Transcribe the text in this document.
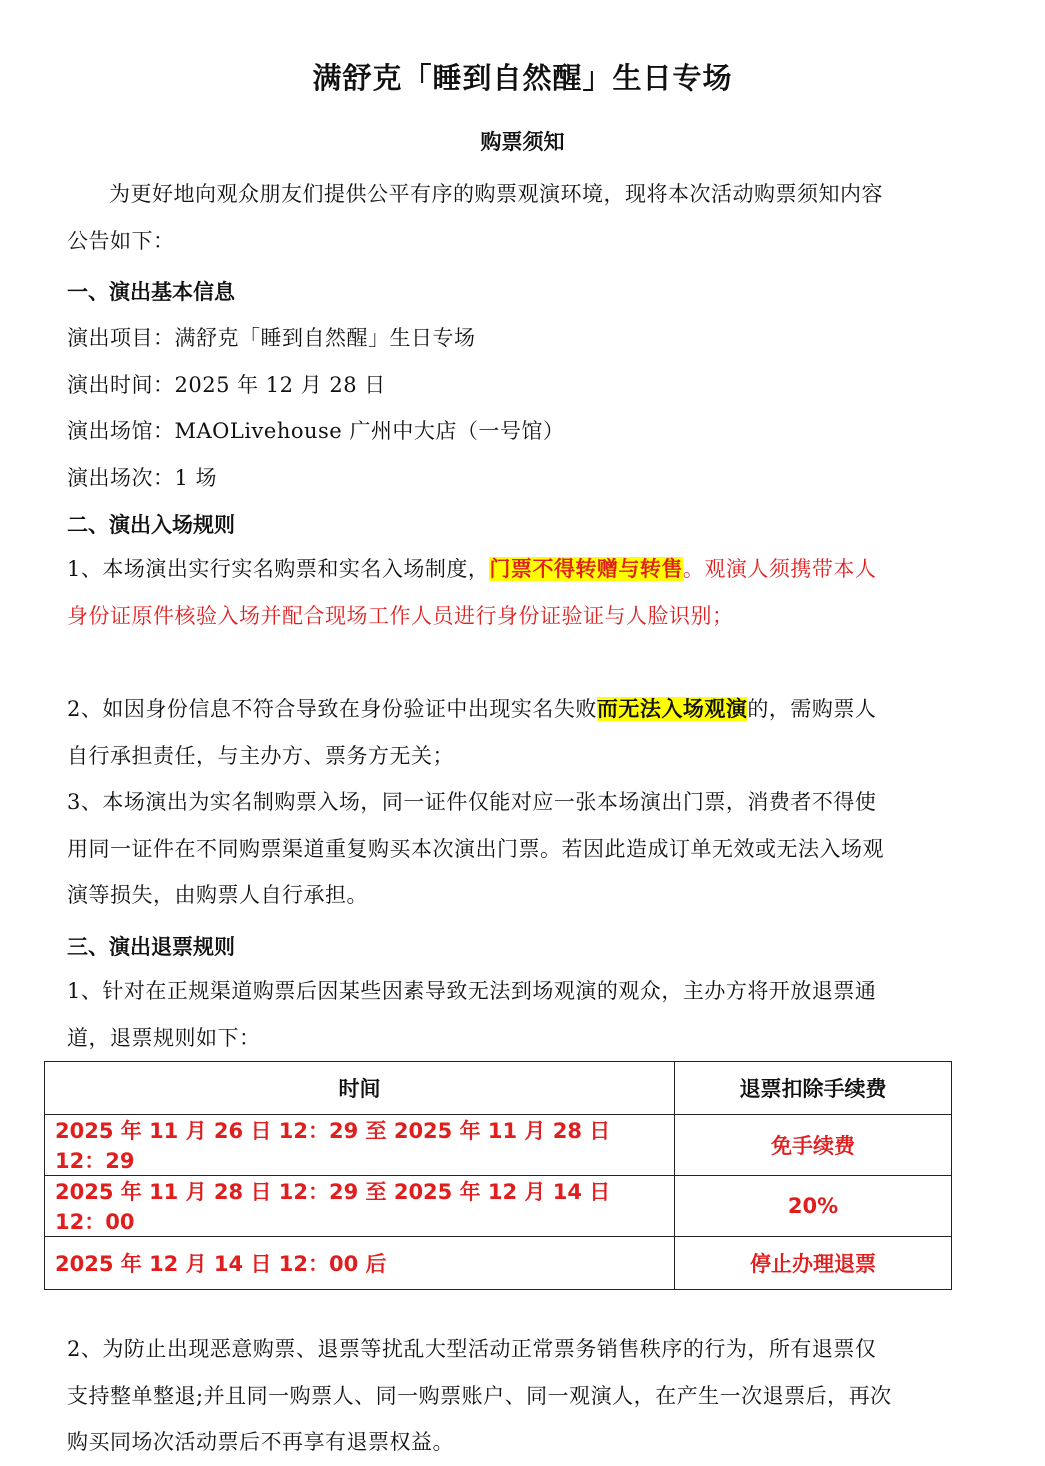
满舒克「睡到自然醒」生日专场
购票须知

为更好地向观众朋友们提供公平有序的购票观演环境，现将本次活动购票须知内容公告如下：

一、演出基本信息

演出项目：满舒克「睡到自然醒」生日专场

演出时间：2025 年 12 月 28 日

演出场馆：MAOLivehouse 广州中大店（一号馆）

演出场次：1 场

二、演出入场规则

1、本场演出实行实名购票和实名入场制度，门票不得转赠与转售。观演人须携带本人身份证原件核验入场并配合现场工作人员进行身份证验证与人脸识别；

2、如因身份信息不符合导致在身份验证中出现实名失败而无法入场观演的，需购票人自行承担责任，与主办方、票务方无关；

3、本场演出为实名制购票入场，同一证件仅能对应一张本场演出门票，消费者不得使用同一证件在不同购票渠道重复购买本次演出门票。若因此造成订单无效或无法入场观演等损失，由购票人自行承担。

三、演出退票规则

1、针对在正规渠道购票后因某些因素导致无法到场观演的观众，主办方将开放退票通道，退票规则如下：

时间	退票扣除手续费
2025 年 11 月 26 日 12：29 至 2025 年 11 月 28 日 12：29	免手续费
2025 年 11 月 28 日 12：29 至 2025 年 12 月 14 日 12：00	20%
2025 年 12 月 14 日 12：00 后	停止办理退票

2、为防止出现恶意购票、退票等扰乱大型活动正常票务销售秩序的行为，所有退票仅支持整单整退;并且同一购票人、同一购票账户、同一观演人，在产生一次退票后，再次购买同场次活动票后不再享有退票权益。
